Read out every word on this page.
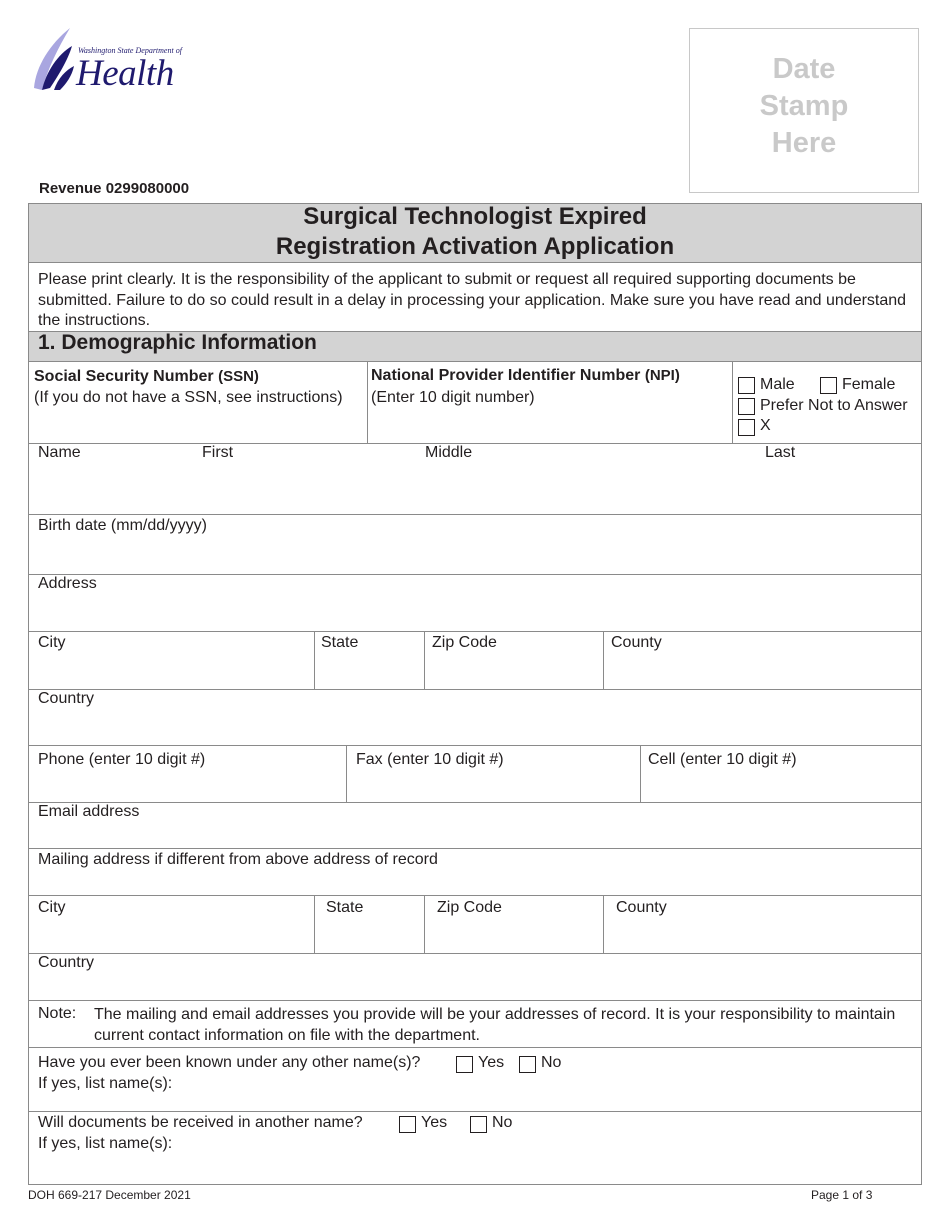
Washington State Department of
Health	Date
Stamp
Here
Revenue 0299080000
Surgical Technologist Expired
Registration Activation Application
Please print clearly. It is the responsibility of the applicant to submit or request all required supporting documents be submitted. Failure to do so could result in a delay in processing your application. Make sure you have read and understand the instructions.
1. Demographic Information
Social Security Number (SSN)
(If you do not have a SSN, see instructions)
National Provider Identifier Number (NPI)
(Enter 10 digit number)
Male	Female
Prefer Not to Answer
X
Name	First	Middle	Last
Birth date (mm/dd/yyyy)
Address
City	State	Zip Code	County
Country
Phone (enter 10 digit #)	Fax (enter 10 digit #)	Cell (enter 10 digit #)
Email address
Mailing address if different from above address of record
City	State	Zip Code	County
Country
Note: The mailing and email addresses you provide will be your addresses of record. It is your responsibility to maintain current contact information on file with the department.
Have you ever been known under any other name(s)?	Yes No
If yes, list name(s):
Will documents be received in another name?	Yes	No
If yes, list name(s):
DOH 669-217 December 2021	Page 1 of 3
